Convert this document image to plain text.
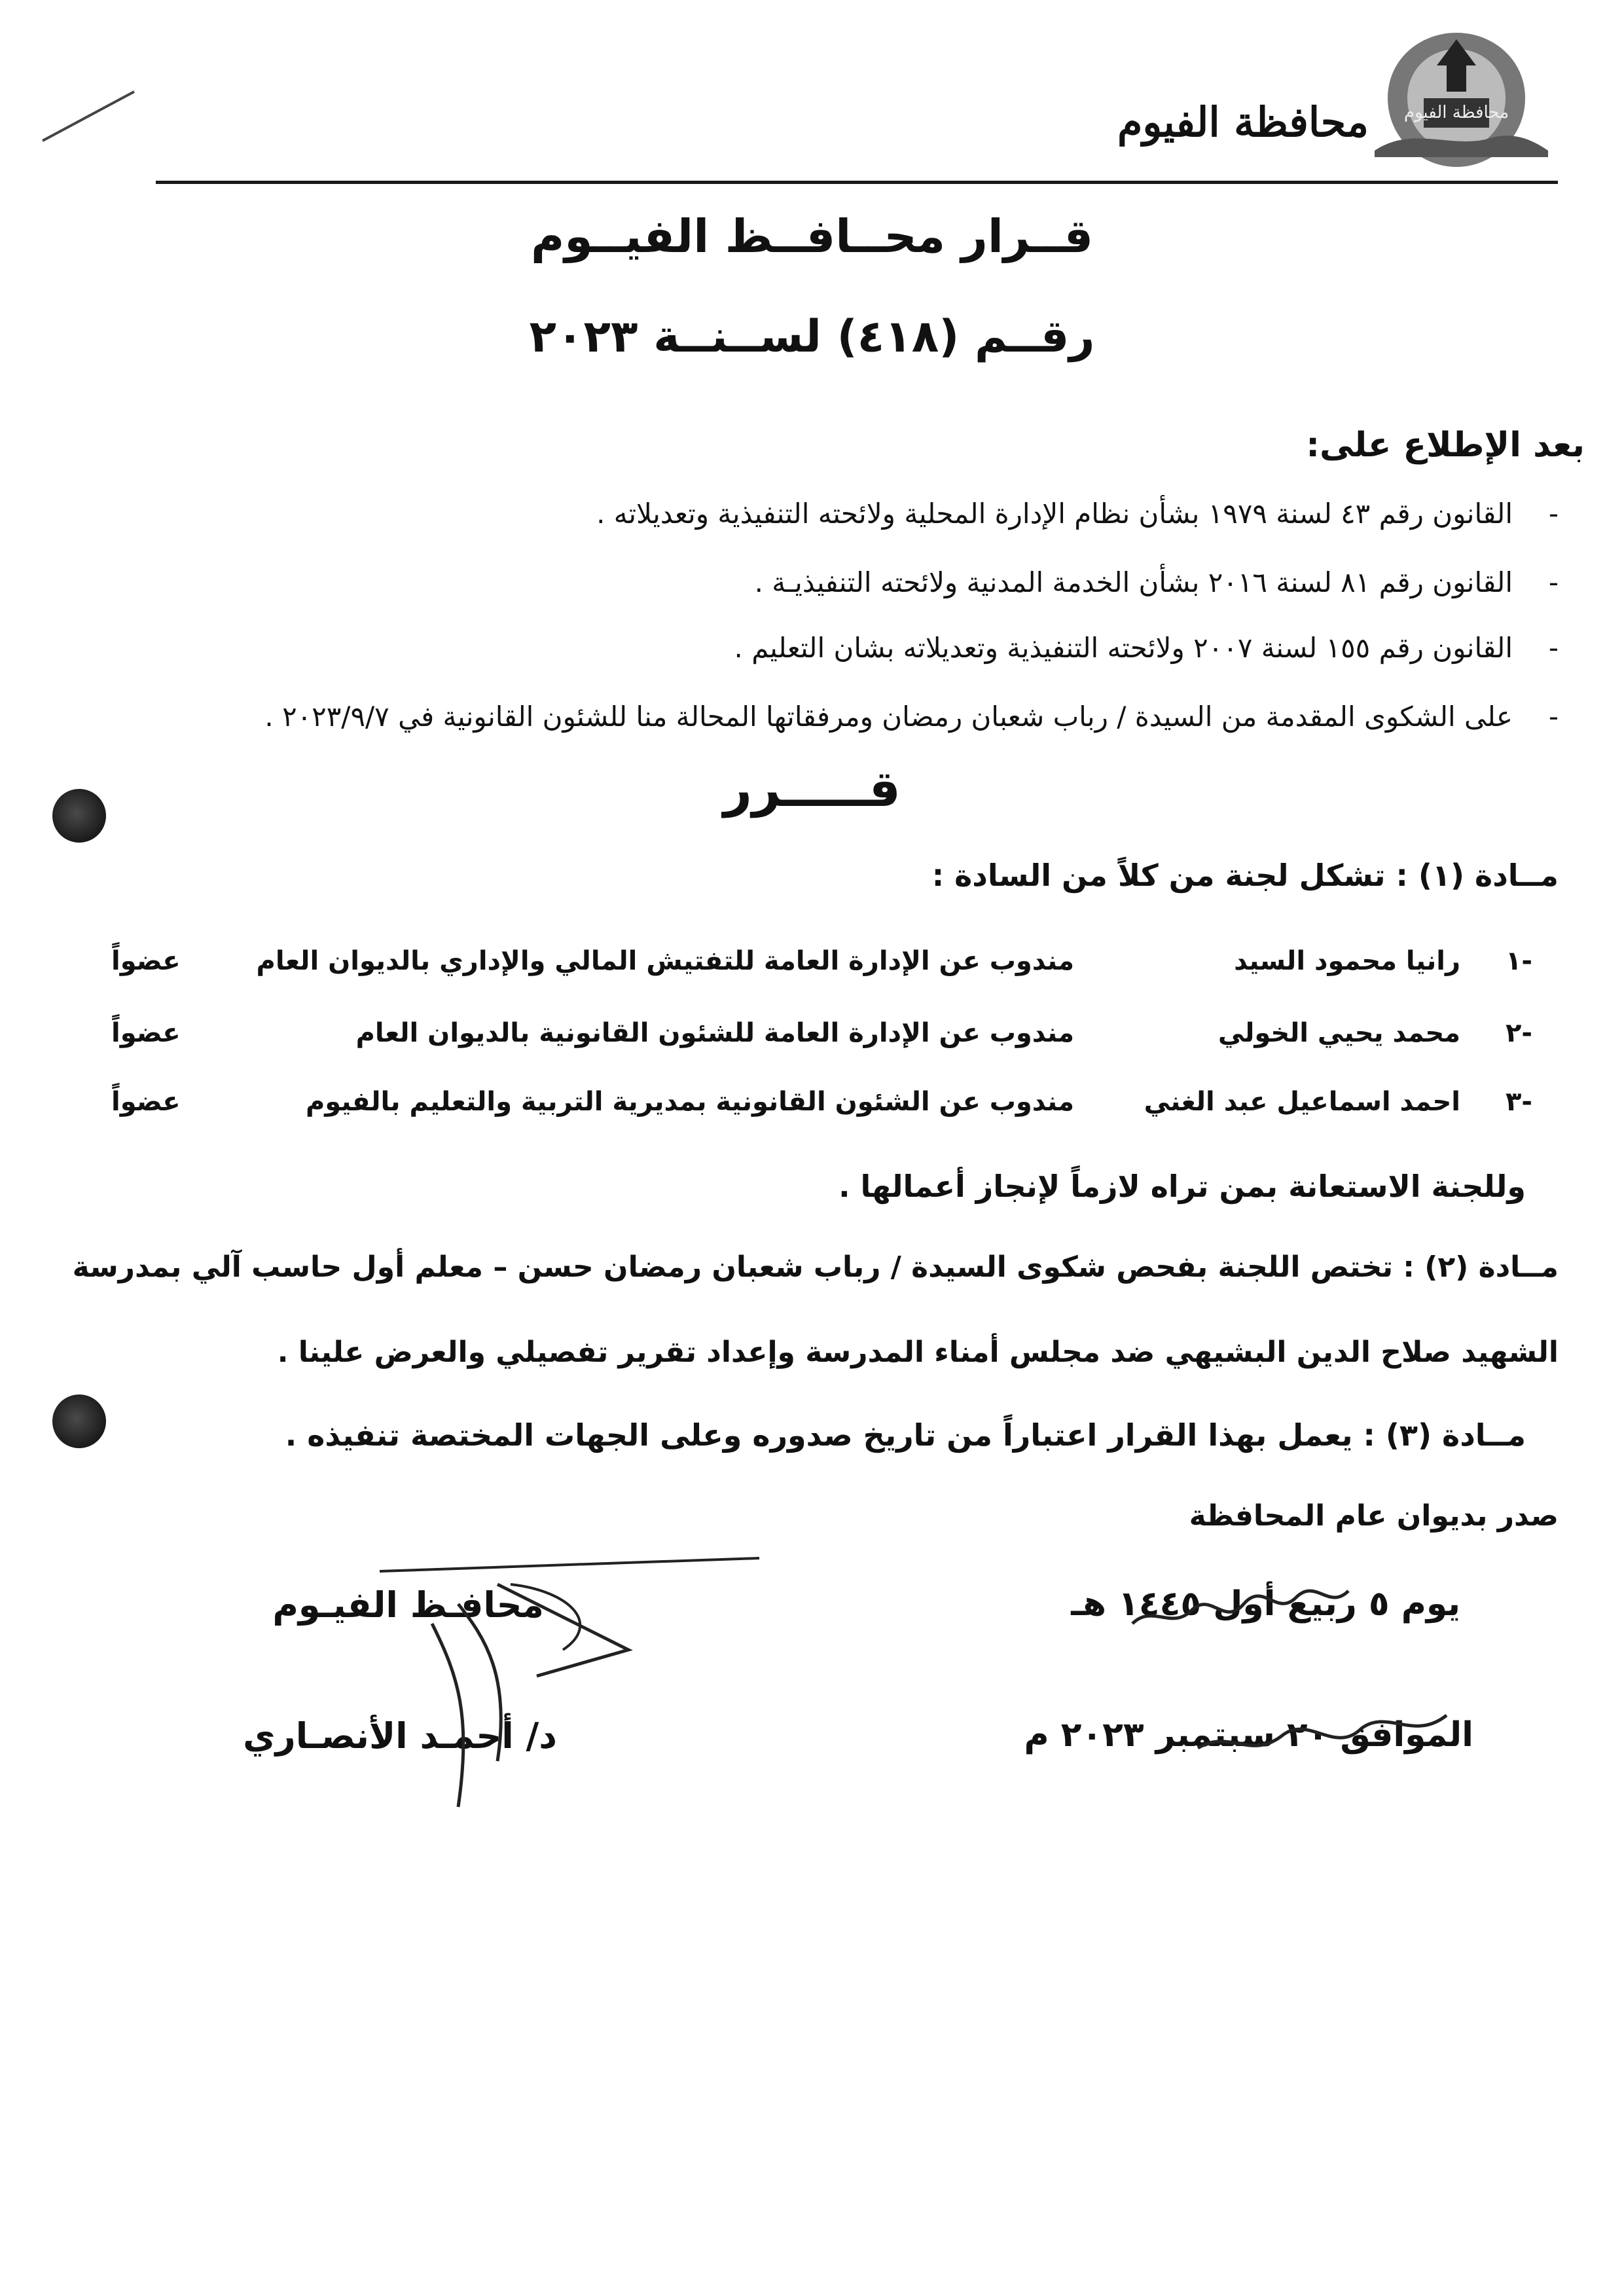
محافظة الفيوم
محافظة الفيوم
قــرار محــافــظ الفيــوم
رقــم (٤١٨) لســنــة ٢٠٢٣
بعد الإطلاع على:
-
القانون رقم ٤٣ لسنة ١٩٧٩ بشأن نظام الإدارة المحلية ولائحته التنفيذية وتعديلاته .
-
القانون رقم ٨١ لسنة ٢٠١٦ بشأن الخدمة المدنية ولائحته التنفيذيـة .
-
القانون رقم ١٥٥ لسنة ٢٠٠٧ ولائحته التنفيذية وتعديلاته بشان التعليم .
-
على الشكوى المقدمة من السيدة / رباب شعبان رمضان ومرفقاتها المحالة منا للشئون القانونية في ٢٠٢٣/٩/٧ .
قـــــرر
مــادة (١) : تشكل لجنة من كلاً من السادة :
-١
رانيا محمود السيد
مندوب عن الإدارة العامة للتفتيش المالي والإداري بالديوان العام
عضواً
-٢
محمد يحيي الخولي
مندوب عن الإدارة العامة للشئون القانونية بالديوان العام
عضواً
-٣
احمد اسماعيل عبد الغني
مندوب عن الشئون القانونية بمديرية التربية والتعليم بالفيوم
عضواً
وللجنة الاستعانة بمن تراه لازماً لإنجاز أعمالها .
مــادة (٢) : تختص اللجنة بفحص شكوى السيدة / رباب شعبان رمضان حسن – معلم أول حاسب آلي بمدرسة
الشهيد صلاح الدين البشيهي ضد مجلس أمناء المدرسة وإعداد تقرير تفصيلي والعرض علينا .
مــادة (٣) : يعمل بهذا القرار اعتباراً من تاريخ صدوره وعلى الجهات المختصة تنفيذه .
صدر بديوان عام المحافظة
يوم ٥ ربيع أول ١٤٤٥ هـ
الموافق ٢٠ سبتمبر ٢٠٢٣ م
محافـظ الفيـوم
د/ أحمـد الأنصـاري
